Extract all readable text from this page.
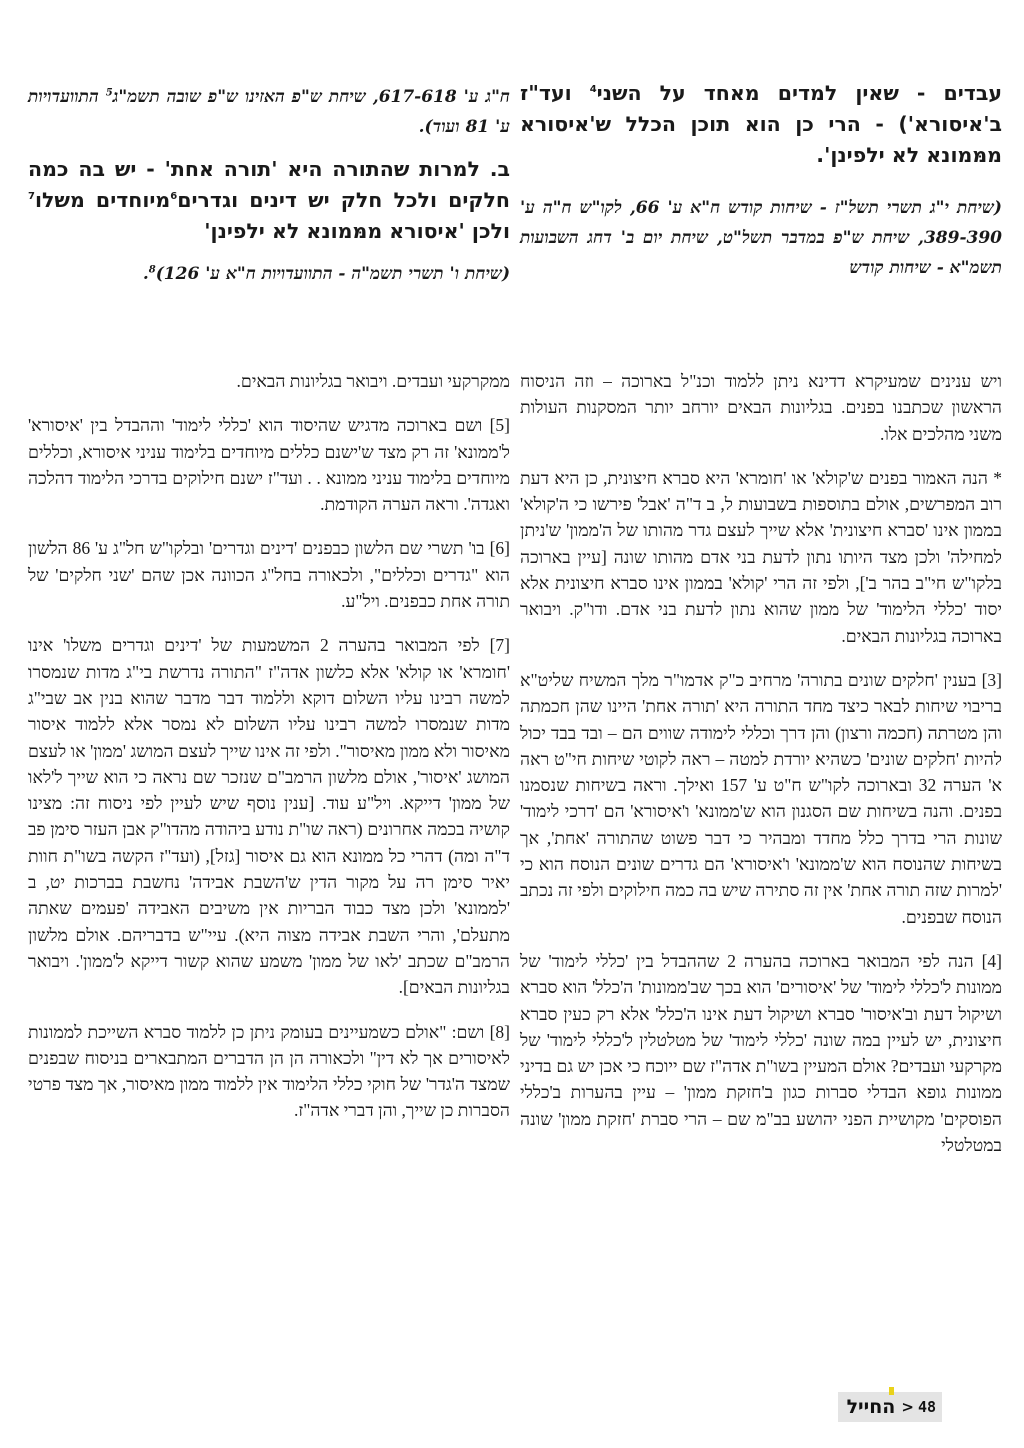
עבדים - שאין למדים מאחד על השני$^4$ ועד"ז ב'איסורא') - הרי כן הוא תוכן הכלל ש'איסורא ממּמונא לא ילפינן'.

(שיחת י"ג תשרי תשל"ז - שיחות קודש ח"א ע' 66, לקו"ש ח"ה ע' 389-390, שיחת ש"פ במדבר תשל"ט, שיחת יום ב' דחג השבועות תשמ"א - שיחות קודש

ח"ג ע' 617-618, שיחת ש"פ האזינו ש"פ שובה תשמ"ג$^5$ התוועדויות ע' 81 ועוד).

ב. למרות שהתורה היא 'תורה אחת' - יש בה כמה חלקים ולכל חלק יש דינים וגדרים$^6$מיוחדים משלו$^7$ ולכן 'איסורא ממּמונא לא ילפינן'

(שיחת ו' תשרי תשמ"ה - התוועדויות ח"א ע' 126)$^8$.

ויש ענינים שמעיקרא דדינא ניתן ללמוד וכנ"ל בארוכה – וזה הניסוח הראשון שכתבנו בפנים. בגליונות הבאים יורחב יותר המסקנות העולות משני מהלכים אלו.

* הנה האמור בפנים ש'קולא' או 'חומרא' היא סברא חיצונית, כן היא דעת רוב המפרשים, אולם בתוספות בשבועות ל, ב ד"ה 'אבל' פירשו כי ה'קולא' בממון אינו 'סברא חיצונית' אלא שייך לעצם גדר מהותו של ה'ממון' ש'ניתן למחילה' ולכן מצד היותו נתון לדעת בני אדם מהותו שונה [עיין בארוכה בלקו"ש חי"ב בהר ב'], ולפי זה הרי 'קולא' בממון אינו סברא חיצונית אלא יסוד 'כללי הלימוד' של ממון שהוא נתון לדעת בני אדם. ודו"ק. ויבואר בארוכה בגליונות הבאים.

[3] בענין 'חלקים שונים בתורה' מרחיב כ"ק אדמו"ר מלך המשיח שליט"א בריבוי שיחות לבאר כיצד מחד התורה היא 'תורה אחת' היינו שהן חכמתה והן מטרתה (חכמה ורצון) והן דרך וכללי לימודה שווים הם – ובד בבד יכול להיות 'חלקים שונים' כשהיא יורדת למטה – ראה לקוטי שיחות חי"ט ראה א' הערה 32 ובארוכה לקו"ש ח"ט ע' 157 ואילך. וראה בשיחות שנסמנו בפנים. והנה בשיחות שם הסגנון הוא ש'ממונא' ו'איסורא' הם 'דרכי לימוד' שונות הרי בדרך כלל מחדד ומבהיר כי דבר פשוט שהתורה 'אחת', אך בשיחות שהנוסח הוא ש'ממונא' ו'איסורא' הם גדרים שונים הנוסח הוא כי 'למרות שזה תורה אחת' אין זה סתירה שיש בה כמה חילוקים ולפי זה נכתב הנוסח שבפנים.

[4] הנה לפי המבואר בארוכה בהערה 2 שההבדל בין 'כללי לימוד' של ממונות ל'כללי לימוד' של 'איסורים' הוא בכך שב'ממונות' ה'כלל' הוא סברא ושיקול דעת וב'איסור' סברא ושיקול דעת אינו ה'כלל' אלא רק כעין סברא חיצונית, יש לעיין במה שונה 'כללי לימוד' של מטלטלין ל'כללי לימוד' של מקרקעי ועבדים? אולם המעיין בשו"ת אדה"ז שם ייוכח כי אכן יש גם בדיני ממונות גופא הבדלי סברות כגון ב'חזקת ממון' – עיין בהערות ב'כללי הפוסקים' מקושיית הפני יהושע בב"מ שם – הרי סברת 'חזקת ממון' שונה במטלטלי

ממקרקעי ועבדים. ויבואר בגליונות הבאים.

[5] ושם בארוכה מדגיש שהיסוד הוא 'כללי לימוד' וההבדל בין 'איסורא' ל'ממונא' זה רק מצד ש'ישנם כללים מיוחדים בלימוד עניני איסורא, וכללים מיוחדים בלימוד עניני ממונא . . ועד"ז ישנם חילוקים בדרכי הלימוד דהלכה ואגדה'. וראה הערה הקודמת.

[6] בו' תשרי שם הלשון כבפנים 'דינים וגדרים' ובלקו"ש חל"ג ע' 86 הלשון הוא "גדרים וכללים", ולכאורה בחל"ג הכוונה אכן שהם 'שני חלקים' של תורה אחת כבפנים. ויל"ע.

[7] לפי המבואר בהערה 2 המשמעות של 'דינים וגדרים משלו' אינו 'חומרא' או קולא' אלא כלשון אדה"ז "התורה נדרשת בי"ג מדות שנמסרו למשה רבינו עליו השלום דוקא וללמוד דבר מדבר שהוא בנין אב שבי"ג מדות שנמסרו למשה רבינו עליו השלום לא נמסר אלא ללמוד איסור מאיסור ולא ממון מאיסור". ולפי זה אינו שייך לעצם המושג 'ממון' או לעצם המושג 'איסור', אולם מלשון הרמב"ם שנזכר שם נראה כי הוא שייך ל'לאו של ממון' דייקא. ויל"ע עוד. [ענין נוסף שיש לעיין לפי ניסוח זה: מצינו קושיה בכמה אחרונים (ראה שו"ת נודע ביהודה מהדו"ק אבן העזר סימן פב ד"ה ומה) דהרי כל ממונא הוא גם איסור [גזל], (ועד"ז הקשה בשו"ת חוות יאיר סימן רה על מקור הדין ש'השבת אבידה' נחשבת בברכות יט, ב 'לממונא' ולכן מצד כבוד הבריות אין משיבים האבידה 'פעמים שאתה מתעלם', והרי השבת אבידה מצוה היא). עיי"ש בדבריהם. אולם מלשון הרמב"ם שכתב 'לאו של ממון' משמע שהוא קשור דייקא ל'ממון'. ויבואר בגליונות הבאים].

[8] ושם: "אולם כשמעיינים בעומק ניתן כן ללמוד סברא השייכת לממונות לאיסורים אך לא דין" ולכאורה הן הן הדברים המתבארים בניסוח שבפנים שמצד ה'גדר' של חוקי כללי הלימוד אין ללמוד ממון מאיסור, אך מצד פרטי הסברות כן שייך, והן דברי אדה"ז.

48
>
החייל
